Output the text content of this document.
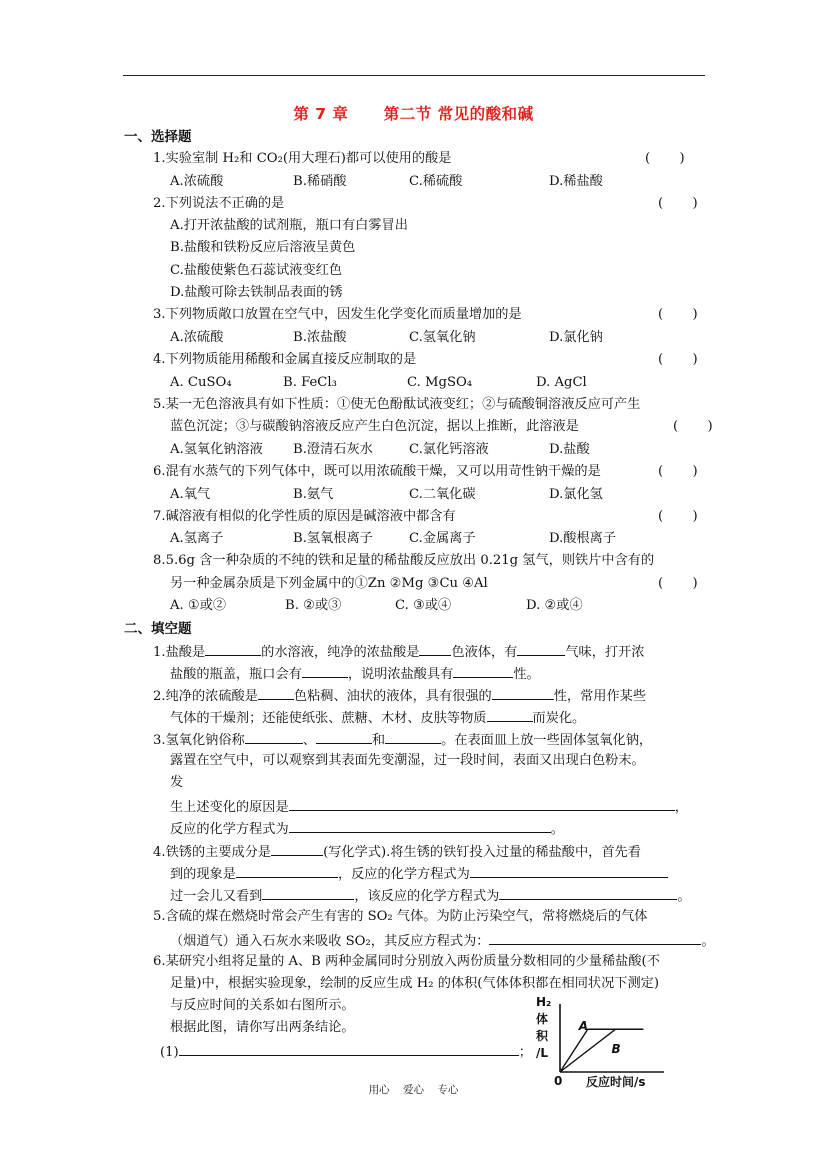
第 7 章      第二节 常见的酸和碱
一、选择题
1.实验室制 H₂和 CO₂(用大理石)都可以使用的酸是	(       )
A.浓硫酸	B.稀硝酸	C.稀硫酸	D.稀盐酸
2.下列说法不正确的是	(       )
A.打开浓盐酸的试剂瓶，瓶口有白雾冒出
B.盐酸和铁粉反应后溶液呈黄色
C.盐酸使紫色石蕊试液变红色
D.盐酸可除去铁制品表面的锈
3.下列物质敞口放置在空气中，因发生化学变化而质量增加的是	(       )
A.浓硫酸	B.浓盐酸	C.氢氧化钠	D.氯化钠
4.下列物质能用稀酸和金属直接反应制取的是	(       )
A. CuSO₄	B. FeCl₃	C. MgSO₄	D. AgCl
5.某一无色溶液具有如下性质：①使无色酚酞试液变红；②与硫酸铜溶液反应可产生
蓝色沉淀；③与碳酸钠溶液反应产生白色沉淀，据以上推断，此溶液是	(       )
A.氢氧化钠溶液 B.澄清石灰水	C.氯化钙溶液	D.盐酸
6.混有水蒸气的下列气体中，既可以用浓硫酸干燥，又可以用苛性钠干燥的是	(       )
A.氧气	B.氨气	C.二氧化碳	D.氯化氢
7.碱溶液有相似的化学性质的原因是碱溶液中都含有	(       )
A.氢离子	B.氢氧根离子	C.金属离子	D.酸根离子
8.5.6g 含一种杂质的不纯的铁和足量的稀盐酸反应放出 0.21g 氢气，则铁片中含有的
另一种金属杂质是下列金属中的①Zn ②Mg ③Cu ④Al	(       )
A. ①或②	B. ②或③	C. ③或④	D. ②或④
二、填空题
1.盐酸是	的水溶液，纯净的浓盐酸是 色液体，有	气味，打开浓
盐酸的瓶盖，瓶口会有	，说明浓盐酸具有	性。
2.纯净的浓硫酸是	色粘稠、油状的液体，具有很强的	性，常用作某些
气体的干燥剂；还能使纸张、蔗糖、木材、皮肤等物质	而炭化。
3.氢氧化钠俗称	、	和	。在表面皿上放一些固体氢氧化钠，
露置在空气中，可以观察到其表面先变潮湿，过一段时间，表面又出现白色粉末。
发
生上述变化的原因是	，
反应的化学方程式为	。
4.铁锈的主要成分是	(写化学式).将生锈的铁钉投入过量的稀盐酸中，首先看
到的现象是	，反应的化学方程式为
过一会儿又看到	，该反应的化学方程式为	。
5.含硫的煤在燃烧时常会产生有害的 SO₂ 气体。为防止污染空气，常将燃烧后的气体
（烟道气）通入石灰水来吸收 SO₂，其反应方程式为：	。
6.某研究小组将足量的 A、B 两种金属同时分别放入两份质量分数相同的少量稀盐酸(不
足量)中，根据实验现象，绘制的反应生成 H₂ 的体积(气体体积都在相同状况下测定)
与反应时间的关系如右图所示。
根据此图，请你写出两条结论。
(1)	；
A
B
H₂
体
积
/L
0 反应时间/s
用心    爱心    专心
